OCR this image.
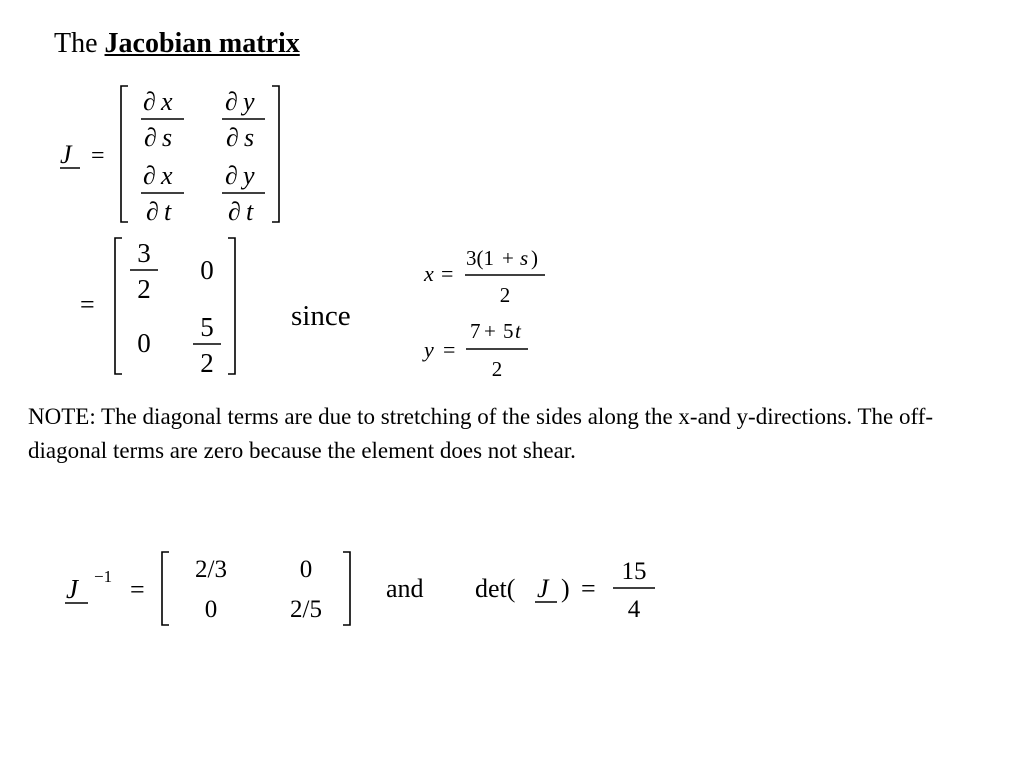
The Jacobian matrix
J =
∂ x
∂ s
∂ y
∂ s
∂ x
∂ t
∂ y
∂ t
=
3
2
0
0
5
2
x =
3(1 + s )
2
y =
7 + 5 t
2
J −1 =
2/3	0
0	2/5
and det( J ) =
15
4
since
NOTE: The diagonal terms are due to stretching of the sides along the x-and y-directions. The off-diagonal terms are zero because the element does not shear.
